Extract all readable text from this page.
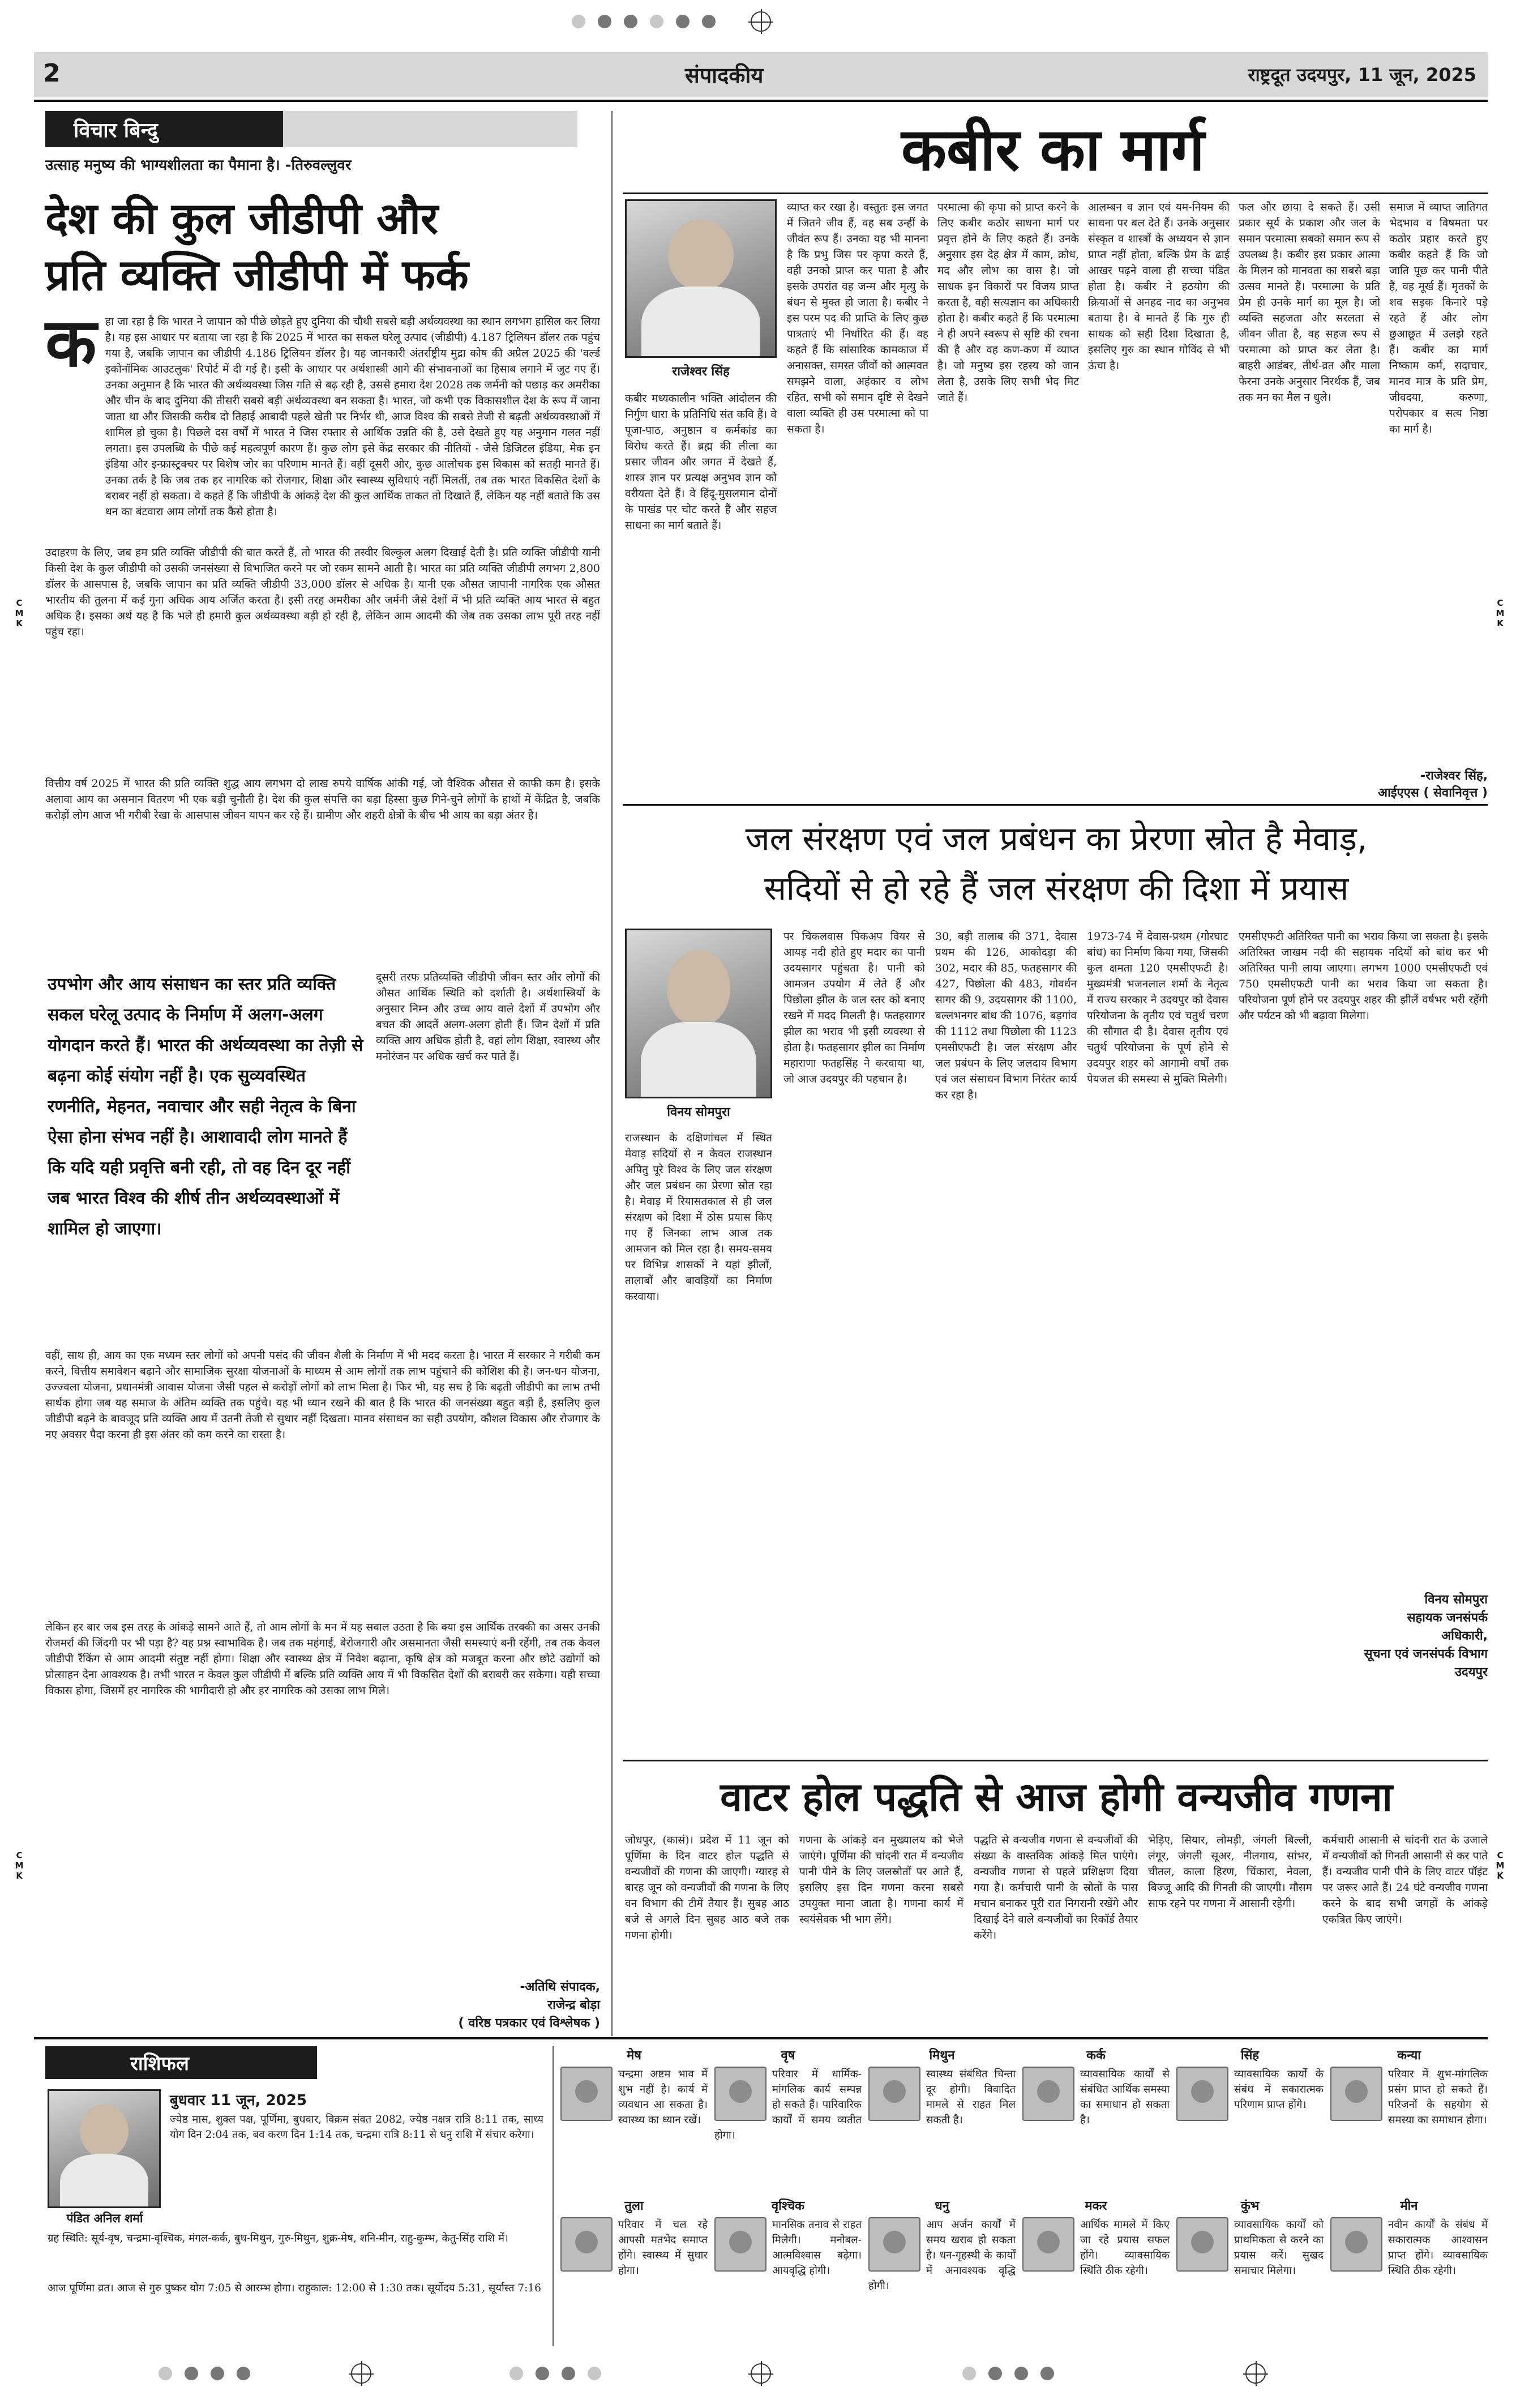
2	संपादकीय	राष्ट्रदूत उदयपुर, 11 जून, 2025
C
M
K
C
M
K
C
M
K
C
M
K
विचार बिन्दु
उत्साह मनुष्य की भाग्यशीलता का पैमाना है। -तिरुवल्लुवर
देश की कुल जीडीपी और
प्रति व्यक्ति जीडीपी में फर्क
क हा जा रहा है कि भारत ने जापान को पीछे छोड़ते हुए दुनिया की चौथी सबसे बड़ी अर्थव्यवस्था का स्थान लगभग हासिल कर लिया है। यह इस आधार पर बताया जा रहा है कि 2025 में भारत का सकल घरेलू उत्पाद (जीडीपी) 4.187 ट्रिलियन डॉलर तक पहुंच गया है, जबकि जापान का जीडीपी 4.186 ट्रिलियन डॉलर है। यह जानकारी अंतर्राष्ट्रीय मुद्रा कोष की अप्रैल 2025 की 'वर्ल्ड इकोनॉमिक आउटलुक' रिपोर्ट में दी गई है। इसी के आधार पर अर्थशास्त्री आगे की संभावनाओं का हिसाब लगाने में जुट गए हैं। उनका अनुमान है कि भारत की अर्थव्यवस्था जिस गति से बढ़ रही है, उससे हमारा देश 2028 तक जर्मनी को पछाड़ कर अमरीका और चीन के बाद दुनिया की तीसरी सबसे बड़ी अर्थव्यवस्था बन सकता है। भारत, जो कभी एक विकासशील देश के रूप में जाना जाता था और जिसकी करीब दो तिहाई आबादी पहले खेती पर निर्भर थी, आज विश्व की सबसे तेजी से बढ़ती अर्थव्यवस्थाओं में शामिल हो चुका है। पिछले दस वर्षों में भारत ने जिस रफ्तार से आर्थिक उन्नति की है, उसे देखते हुए यह अनुमान गलत नहीं लगता। इस उपलब्धि के पीछे कई महत्वपूर्ण कारण हैं। कुछ लोग इसे केंद्र सरकार की नीतियों - जैसे डिजिटल इंडिया, मेक इन इंडिया और इन्फ्रास्ट्रक्चर पर विशेष जोर का परिणाम मानते हैं। वहीं दूसरी ओर, कुछ आलोचक इस विकास को सतही मानते हैं। उनका तर्क है कि जब तक हर नागरिक को रोजगार, शिक्षा और स्वास्थ्य सुविधाएं नहीं मिलतीं, तब तक भारत विकसित देशों के बराबर नहीं हो सकता। वे कहते हैं कि जीडीपी के आंकड़े देश की कुल आर्थिक ताकत तो दिखाते हैं, लेकिन यह नहीं बताते कि उस धन का बंटवारा आम लोगों तक कैसे होता है।
उदाहरण के लिए, जब हम प्रति व्यक्ति जीडीपी की बात करते हैं, तो भारत की तस्वीर बिल्कुल अलग दिखाई देती है। प्रति व्यक्ति जीडीपी यानी किसी देश के कुल जीडीपी को उसकी जनसंख्या से विभाजित करने पर जो रकम सामने आती है। भारत का प्रति व्यक्ति जीडीपी लगभग 2,800 डॉलर के आसपास है, जबकि जापान का प्रति व्यक्ति जीडीपी 33,000 डॉलर से अधिक है। यानी एक औसत जापानी नागरिक एक औसत भारतीय की तुलना में कई गुना अधिक आय अर्जित करता है। इसी तरह अमरीका और जर्मनी जैसे देशों में भी प्रति व्यक्ति आय भारत से बहुत अधिक है। इसका अर्थ यह है कि भले ही हमारी कुल अर्थव्यवस्था बड़ी हो रही है, लेकिन आम आदमी की जेब तक उसका लाभ पूरी तरह नहीं पहुंच रहा।
वित्तीय वर्ष 2025 में भारत की प्रति व्यक्ति शुद्ध आय लगभग दो लाख रुपये वार्षिक आंकी गई, जो वैश्विक औसत से काफी कम है। इसके अलावा आय का असमान वितरण भी एक बड़ी चुनौती है। देश की कुल संपत्ति का बड़ा हिस्सा कुछ गिने-चुने लोगों के हाथों में केंद्रित है, जबकि करोड़ों लोग आज भी गरीबी रेखा के आसपास जीवन यापन कर रहे हैं। ग्रामीण और शहरी क्षेत्रों के बीच भी आय का बड़ा अंतर है।
उपभोग और आय संसाधन का स्तर प्रति व्यक्ति सकल घरेलू उत्पाद के निर्माण में अलग-अलग योगदान करते हैं। भारत की अर्थव्यवस्था का तेज़ी से बढ़ना कोई संयोग नहीं है। एक सुव्यवस्थित रणनीति, मेहनत, नवाचार और सही नेतृत्व के बिना ऐसा होना संभव नहीं है। आशावादी लोग मानते हैं कि यदि यही प्रवृत्ति बनी रही, तो वह दिन दूर नहीं जब भारत विश्व की शीर्ष तीन अर्थव्यवस्थाओं में शामिल हो जाएगा।
दूसरी तरफ प्रतिव्यक्ति जीडीपी जीवन स्तर और लोगों की औसत आर्थिक स्थिति को दर्शाती है। अर्थशास्त्रियों के अनुसार निम्न और उच्च आय वाले देशों में उपभोग और बचत की आदतें अलग-अलग होती हैं। जिन देशों में प्रति व्यक्ति आय अधिक होती है, वहां लोग शिक्षा, स्वास्थ्य और मनोरंजन पर अधिक खर्च कर पाते हैं।
वहीं, साथ ही, आय का एक मध्यम स्तर लोगों को अपनी पसंद की जीवन शैली के निर्माण में भी मदद करता है। भारत में सरकार ने गरीबी कम करने, वित्तीय समावेशन बढ़ाने और सामाजिक सुरक्षा योजनाओं के माध्यम से आम लोगों तक लाभ पहुंचाने की कोशिश की है। जन-धन योजना, उज्ज्वला योजना, प्रधानमंत्री आवास योजना जैसी पहल से करोड़ों लोगों को लाभ मिला है। फिर भी, यह सच है कि बढ़ती जीडीपी का लाभ तभी सार्थक होगा जब यह समाज के अंतिम व्यक्ति तक पहुंचे। यह भी ध्यान रखने की बात है कि भारत की जनसंख्या बहुत बड़ी है, इसलिए कुल जीडीपी बढ़ने के बावजूद प्रति व्यक्ति आय में उतनी तेजी से सुधार नहीं दिखता। मानव संसाधन का सही उपयोग, कौशल विकास और रोजगार के नए अवसर पैदा करना ही इस अंतर को कम करने का रास्ता है।
लेकिन हर बार जब इस तरह के आंकड़े सामने आते हैं, तो आम लोगों के मन में यह सवाल उठता है कि क्या इस आर्थिक तरक्की का असर उनकी रोजमर्रा की जिंदगी पर भी पड़ा है? यह प्रश्न स्वाभाविक है। जब तक महंगाई, बेरोजगारी और असमानता जैसी समस्याएं बनी रहेंगी, तब तक केवल जीडीपी रैंकिंग से आम आदमी संतुष्ट नहीं होगा। शिक्षा और स्वास्थ्य क्षेत्र में निवेश बढ़ाना, कृषि क्षेत्र को मजबूत करना और छोटे उद्योगों को प्रोत्साहन देना आवश्यक है। तभी भारत न केवल कुल जीडीपी में बल्कि प्रति व्यक्ति आय में भी विकसित देशों की बराबरी कर सकेगा। यही सच्चा विकास होगा, जिसमें हर नागरिक की भागीदारी हो और हर नागरिक को उसका लाभ मिले।
-अतिथि संपादक,
राजेन्द्र बोड़ा
( वरिष्ठ पत्रकार एवं विश्लेषक )
कबीर का मार्ग
राजेश्वर सिंह
कबीर मध्यकालीन भक्ति आंदोलन की निर्गुण धारा के प्रतिनिधि संत कवि हैं। वे पूजा-पाठ, अनुष्ठान व कर्मकांड का विरोध करते हैं। ब्रह्म की लीला का प्रसार जीवन और जगत में देखते हैं, शास्त्र ज्ञान पर प्रत्यक्ष अनुभव ज्ञान को वरीयता देते हैं। वे हिंदू-मुसलमान दोनों के पाखंड पर चोट करते हैं और सहज साधना का मार्ग बताते हैं।
व्याप्त कर रखा है। वस्तुतः इस जगत में जितने जीव हैं, वह सब उन्हीं के जीवंत रूप हैं। उनका यह भी मानना है कि प्रभु जिस पर कृपा करते हैं, वही उनको प्राप्त कर पाता है और इसके उपरांत वह जन्म और मृत्यु के बंधन से मुक्त हो जाता है। कबीर ने इस परम पद की प्राप्ति के लिए कुछ पात्रताएं भी निर्धारित की हैं। वह कहते हैं कि सांसारिक कामकाज में अनासक्त, समस्त जीवों को आत्मवत समझने वाला, अहंकार व लोभ रहित, सभी को समान दृष्टि से देखने वाला व्यक्ति ही उस परमात्मा को पा सकता है।
परमात्मा की कृपा को प्राप्त करने के लिए कबीर कठोर साधना मार्ग पर प्रवृत्त होने के लिए कहते हैं। उनके अनुसार इस देह क्षेत्र में काम, क्रोध, मद और लोभ का वास है। जो साधक इन विकारों पर विजय प्राप्त करता है, वही सत्यज्ञान का अधिकारी होता है। कबीर कहते हैं कि परमात्मा ने ही अपने स्वरूप से सृष्टि की रचना की है और वह कण-कण में व्याप्त है। जो मनुष्य इस रहस्य को जान लेता है, उसके लिए सभी भेद मिट जाते हैं।
आलम्बन व ज्ञान एवं यम-नियम की साधना पर बल देते हैं। उनके अनुसार संस्कृत व शास्त्रों के अध्ययन से ज्ञान प्राप्त नहीं होता, बल्कि प्रेम के ढाई आखर पढ़ने वाला ही सच्चा पंडित होता है। कबीर ने हठयोग की क्रियाओं से अनहद नाद का अनुभव बताया है। वे मानते हैं कि गुरु ही साधक को सही दिशा दिखाता है, इसलिए गुरु का स्थान गोविंद से भी ऊंचा है।
फल और छाया दे सकते हैं। उसी प्रकार सूर्य के प्रकाश और जल के समान परमात्मा सबको समान रूप से उपलब्ध है। कबीर इस प्रकार आत्मा के मिलन को मानवता का सबसे बड़ा उत्सव मानते हैं। परमात्मा के प्रति प्रेम ही उनके मार्ग का मूल है। जो व्यक्ति सहजता और सरलता से जीवन जीता है, वह सहज रूप से परमात्मा को प्राप्त कर लेता है। बाहरी आडंबर, तीर्थ-व्रत और माला फेरना उनके अनुसार निरर्थक हैं, जब तक मन का मैल न धुले।
समाज में व्याप्त जातिगत भेदभाव व विषमता पर कठोर प्रहार करते हुए कबीर कहते हैं कि जो जाति पूछ कर पानी पीते हैं, वह मूर्ख हैं। मृतकों के शव सड़क किनारे पड़े रहते हैं और लोग छुआछूत में उलझे रहते हैं। कबीर का मार्ग निष्काम कर्म, सदाचार, मानव मात्र के प्रति प्रेम, जीवदया, करुणा, परोपकार व सत्य निष्ठा का मार्ग है।
-राजेश्वर सिंह,
आईएएस ( सेवानिवृत्त )
जल संरक्षण एवं जल प्रबंधन का प्रेरणा स्रोत है मेवाड़,
सदियों से हो रहे हैं जल संरक्षण की दिशा में प्रयास
विनय सोमपुरा
राजस्थान के दक्षिणांचल में स्थित मेवाड़ सदियों से न केवल राजस्थान अपितु पूरे विश्व के लिए जल संरक्षण और जल प्रबंधन का प्रेरणा स्रोत रहा है। मेवाड़ में रियासतकाल से ही जल संरक्षण को दिशा में ठोस प्रयास किए गए हैं जिनका लाभ आज तक आमजन को मिल रहा है। समय-समय पर विभिन्न शासकों ने यहां झीलों, तालाबों और बावड़ियों का निर्माण करवाया।
पर चिकलवास पिकअप वियर से आयड़ नदी होते हुए मदार का पानी उदयसागर पहुंचता है। पानी को आमजन उपयोग में लेते हैं और पिछोला झील के जल स्तर को बनाए रखने में मदद मिलती है। फतहसागर झील का भराव भी इसी व्यवस्था से होता है। फतहसागर झील का निर्माण महाराणा फतहसिंह ने करवाया था, जो आज उदयपुर की पहचान है।
30, बड़ी तालाब की 371, देवास प्रथम की 126, आकोदड़ा की 302, मदार की 85, फतहसागर की 427, पिछोला की 483, गोवर्धन सागर की 9, उदयसागर की 1100, बल्लभनगर बांध की 1076, बड़गांव की 1112 तथा पिछोला की 1123 एमसीएफटी है। जल संरक्षण और जल प्रबंधन के लिए जलदाय विभाग एवं जल संसाधन विभाग निरंतर कार्य कर रहा है।
1973-74 में देवास-प्रथम (गोरघाट बांध) का निर्माण किया गया, जिसकी कुल क्षमता 120 एमसीएफटी है। मुख्यमंत्री भजनलाल शर्मा के नेतृत्व में राज्य सरकार ने उदयपुर को देवास परियोजना के तृतीय एवं चतुर्थ चरण की सौगात दी है। देवास तृतीय एवं चतुर्थ परियोजना के पूर्ण होने से उदयपुर शहर को आगामी वर्षों तक पेयजल की समस्या से मुक्ति मिलेगी।
एमसीएफटी अतिरिक्त पानी का भराव किया जा सकता है। इसके अतिरिक्त जाखम नदी की सहायक नदियों को बांध कर भी अतिरिक्त पानी लाया जाएगा। लगभग 1000 एमसीएफटी एवं 750 एमसीएफटी पानी का भराव किया जा सकता है। परियोजना पूर्ण होने पर उदयपुर शहर की झीलें वर्षभर भरी रहेंगी और पर्यटन को भी बढ़ावा मिलेगा।
विनय सोमपुरा
सहायक जनसंपर्क
अधिकारी,
सूचना एवं जनसंपर्क विभाग
उदयपुर
वाटर होल पद्धति से आज होगी वन्यजीव गणना
जोधपुर, (कासं)। प्रदेश में 11 जून को पूर्णिमा के दिन वाटर होल पद्धति से वन्यजीवों की गणना की जाएगी। ग्यारह से बारह जून को वन्यजीवों की गणना के लिए वन विभाग की टीमें तैयार हैं। सुबह आठ बजे से अगले दिन सुबह आठ बजे तक गणना होगी।
गणना के आंकड़े वन मुख्यालय को भेजे जाएंगे। पूर्णिमा की चांदनी रात में वन्यजीव पानी पीने के लिए जलस्रोतों पर आते हैं, इसलिए इस दिन गणना करना सबसे उपयुक्त माना जाता है। गणना कार्य में स्वयंसेवक भी भाग लेंगे।
पद्धति से वन्यजीव गणना से वन्यजीवों की संख्या के वास्तविक आंकड़े मिल पाएंगे। वन्यजीव गणना से पहले प्रशिक्षण दिया गया है। कर्मचारी पानी के स्रोतों के पास मचान बनाकर पूरी रात निगरानी रखेंगे और दिखाई देने वाले वन्यजीवों का रिकॉर्ड तैयार करेंगे।
भेड़िए, सियार, लोमड़ी, जंगली बिल्ली, लंगूर, जंगली सूअर, नीलगाय, सांभर, चीतल, काला हिरण, चिंकारा, नेवला, बिज्जू आदि की गिनती की जाएगी। मौसम साफ रहने पर गणना में आसानी रहेगी।
कर्मचारी आसानी से चांदनी रात के उजाले में वन्यजीवों को गिनती आसानी से कर पाते हैं। वन्यजीव पानी पीने के लिए वाटर पॉइंट पर जरूर आते हैं। 24 घंटे वन्यजीव गणना करने के बाद सभी जगहों के आंकड़े एकत्रित किए जाएंगे।
राशिफल
पंडित अनिल शर्मा
बुधवार 11 जून, 2025
ज्येष्ठ मास, शुक्ल पक्ष, पूर्णिमा, बुधवार, विक्रम संवत 2082, ज्येष्ठ नक्षत्र रात्रि 8:11 तक, साध्य योग दिन 2:04 तक, बव करण दिन 1:14 तक, चन्द्रमा रात्रि 8:11 से धनु राशि में संचार करेगा।
ग्रह स्थिति: सूर्य-वृष, चन्द्रमा-वृश्चिक, मंगल-कर्क, बुध-मिथुन, गुरु-मिथुन, शुक्र-मेष, शनि-मीन, राहु-कुम्भ, केतु-सिंह राशि में।
आज पूर्णिमा व्रत। आज से गुरु पुष्कर योग 7:05 से आरम्भ होगा। राहुकाल: 12:00 से 1:30 तक। सूर्योदय 5:31, सूर्यास्त 7:16
मेष
चन्द्रमा अष्टम भाव में शुभ नहीं है। कार्य में व्यवधान आ सकता है। स्वास्थ्य का ध्यान रखें।
वृष
परिवार में धार्मिक-मांगलिक कार्य सम्पन्न हो सकते हैं। पारिवारिक कार्यों में समय व्यतीत होगा।
मिथुन
स्वास्थ्य संबंधित चिन्ता दूर होगी। विवादित मामले से राहत मिल सकती है।
कर्क
व्यावसायिक कार्यों से संबंधित आर्थिक समस्या का समाधान हो सकता है।
सिंह
व्यावसायिक कार्यों के संबंध में सकारात्मक परिणाम प्राप्त होंगे।
कन्या
परिवार में शुभ-मांगलिक प्रसंग प्राप्त हो सकते हैं। परिजनों के सहयोग से समस्या का समाधान होगा।
तुला
परिवार में चल रहे आपसी मतभेद समाप्त होंगे। स्वास्थ्य में सुधार होगा।
वृश्चिक
मानसिक तनाव से राहत मिलेगी। मनोबल-आत्मविश्वास बढ़ेगा। आयवृद्धि होगी।
धनु
आप अर्जन कार्यों में समय खराब हो सकता है। धन-गृहस्थी के कार्यों में अनावश्यक वृद्धि होगी।
मकर
आर्थिक मामले में किए जा रहे प्रयास सफल होंगे। व्यावसायिक स्थिति ठीक रहेगी।
कुंभ
व्यावसायिक कार्यों को प्राथमिकता से करने का प्रयास करें। सुखद समाचार मिलेगा।
मीन
नवीन कार्यों के संबंध में सकारात्मक आश्वासन प्राप्त होंगे। व्यावसायिक स्थिति ठीक रहेगी।
